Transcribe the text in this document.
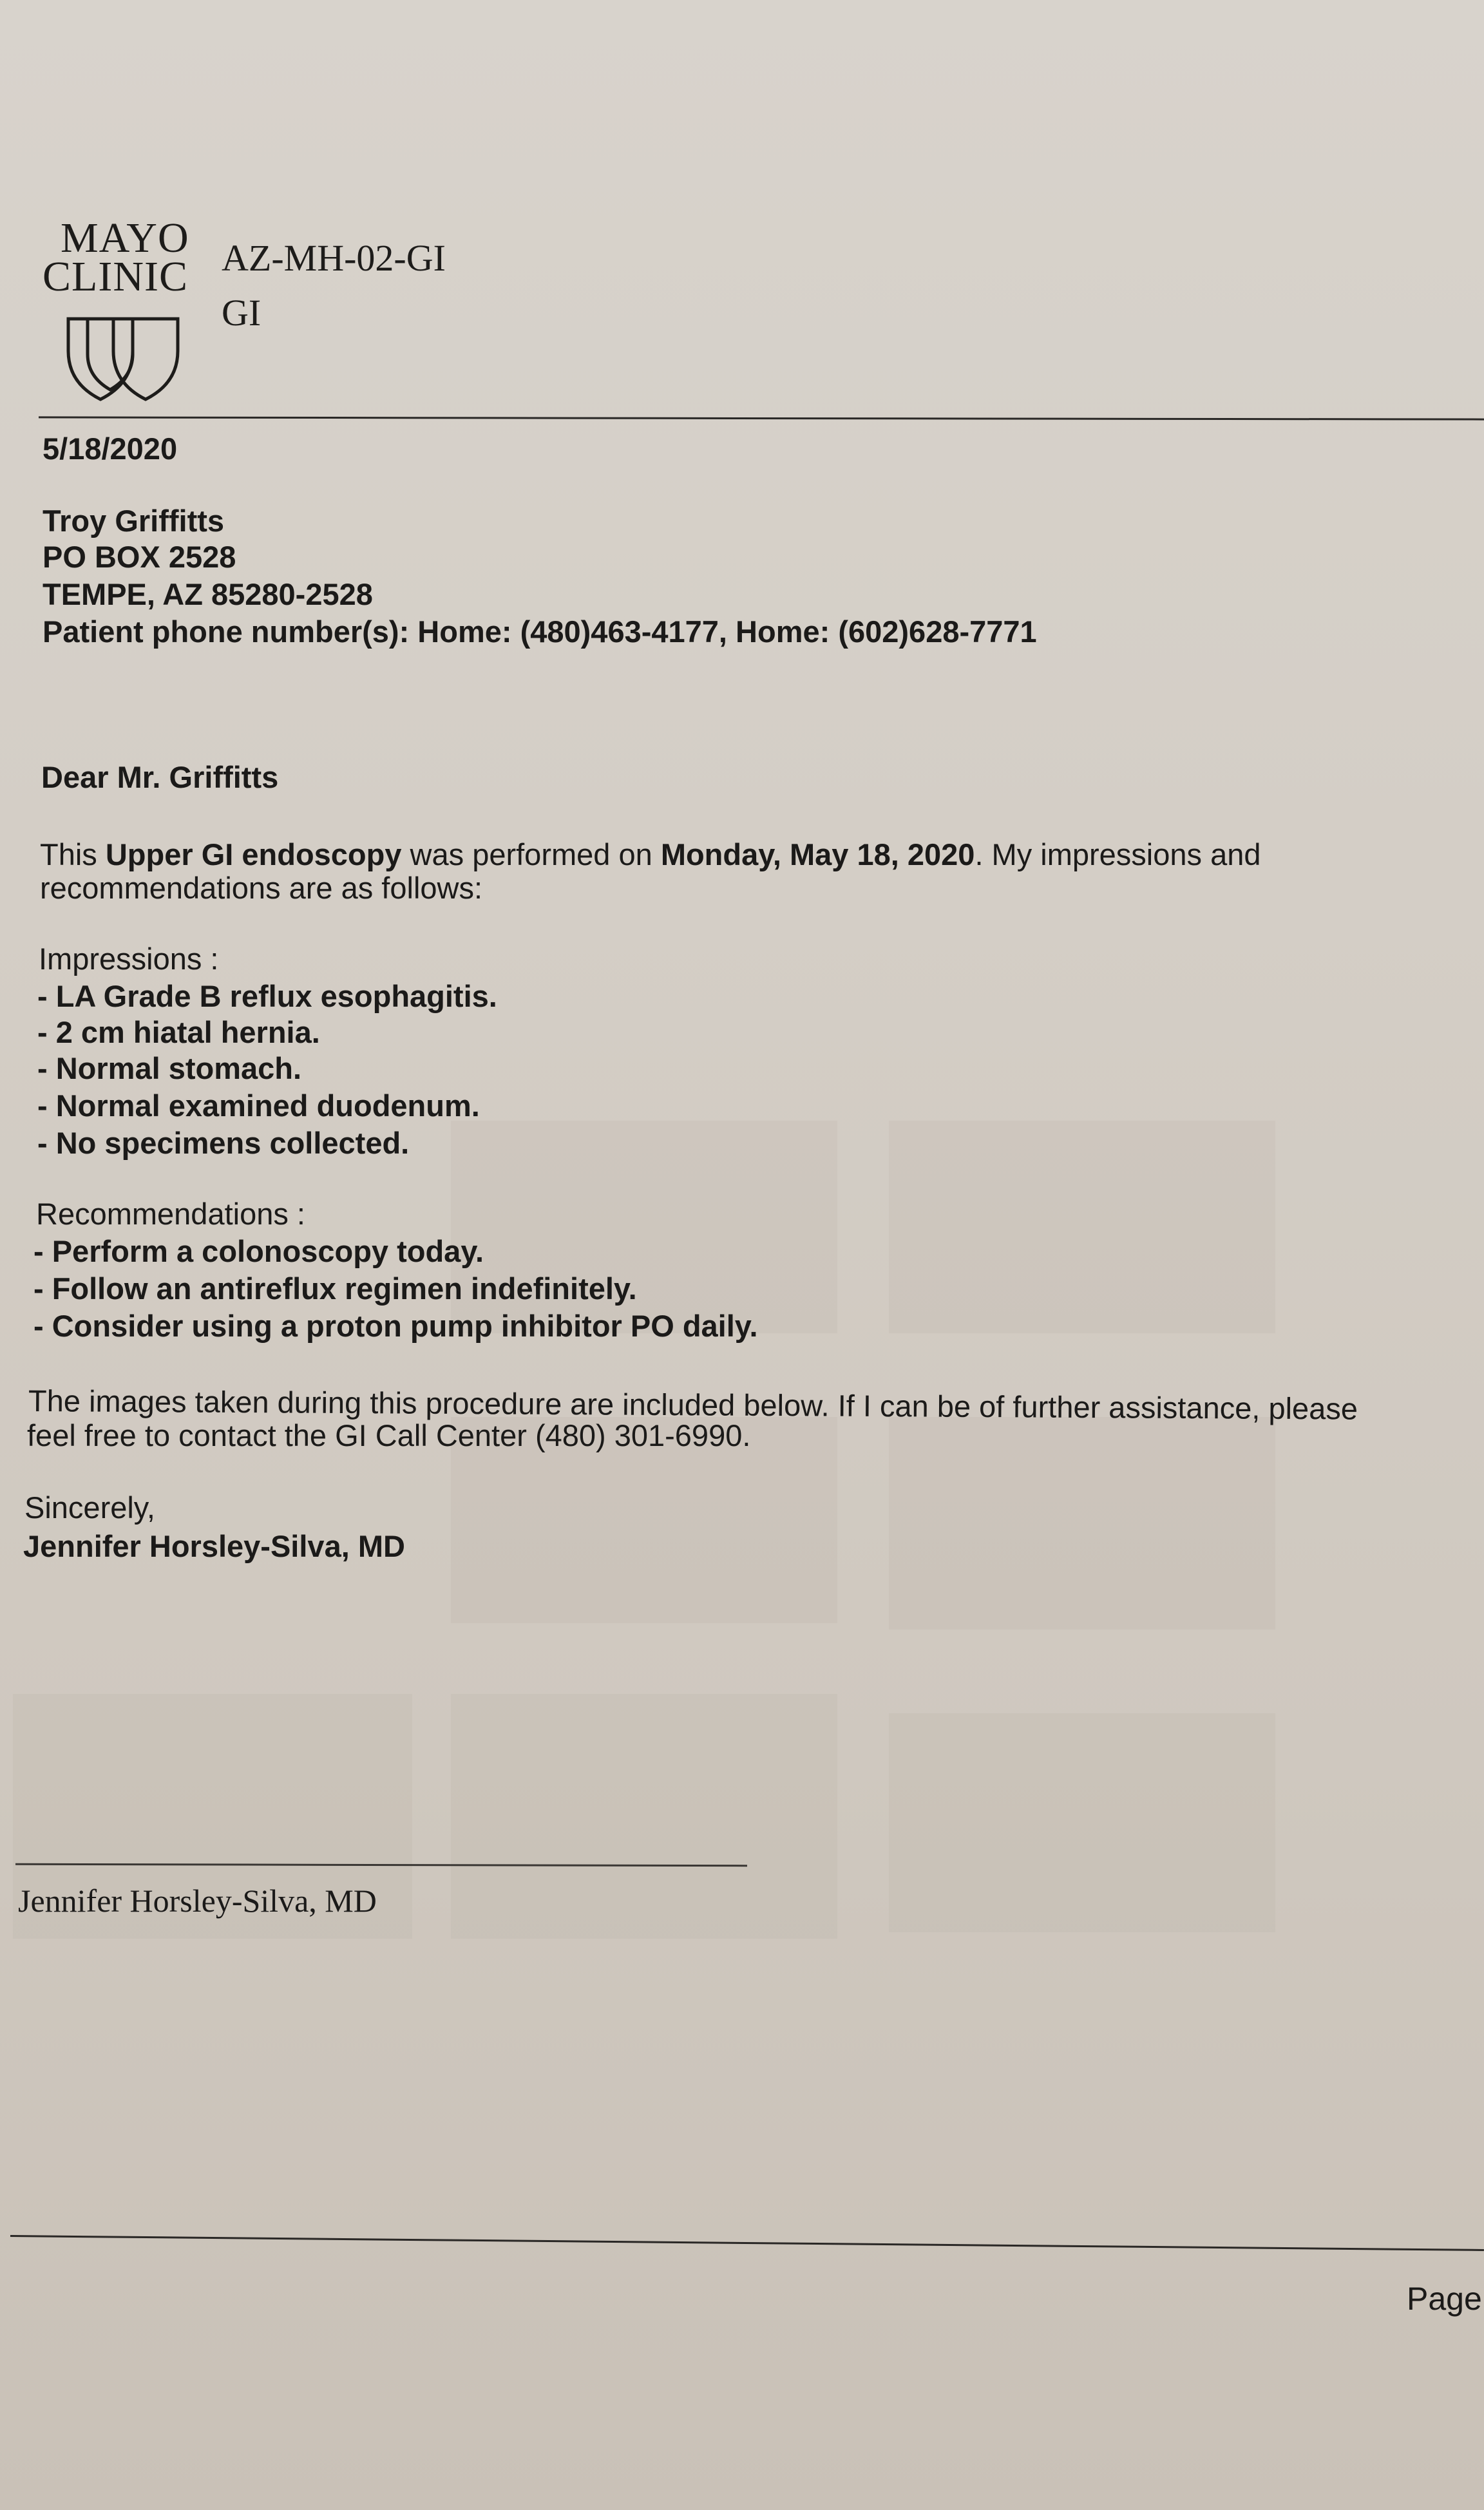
MAYO
CLINIC AZ-MH-02-GI
GI
5/18/2020
Troy Griffitts
PO BOX 2528
TEMPE, AZ 85280-2528
Patient phone number(s): Home: (480)463-4177, Home: (602)628-7771
Dear Mr. Griffitts
This Upper GI endoscopy was performed on Monday, May 18, 2020. My impressions and
recommendations are as follows:
Impressions :
- LA Grade B reflux esophagitis.
- 2 cm hiatal hernia.
- Normal stomach.
- Normal examined duodenum.
- No specimens collected.
Recommendations :
- Perform a colonoscopy today.
- Follow an antireflux regimen indefinitely.
- Consider using a proton pump inhibitor PO daily.
The images taken during this procedure are included below. If I can be of further assistance, please
feel free to contact the GI Call Center (480) 301-6990.
Sincerely,
Jennifer Horsley-Silva, MD
Jennifer Horsley-Silva, MD
Page
